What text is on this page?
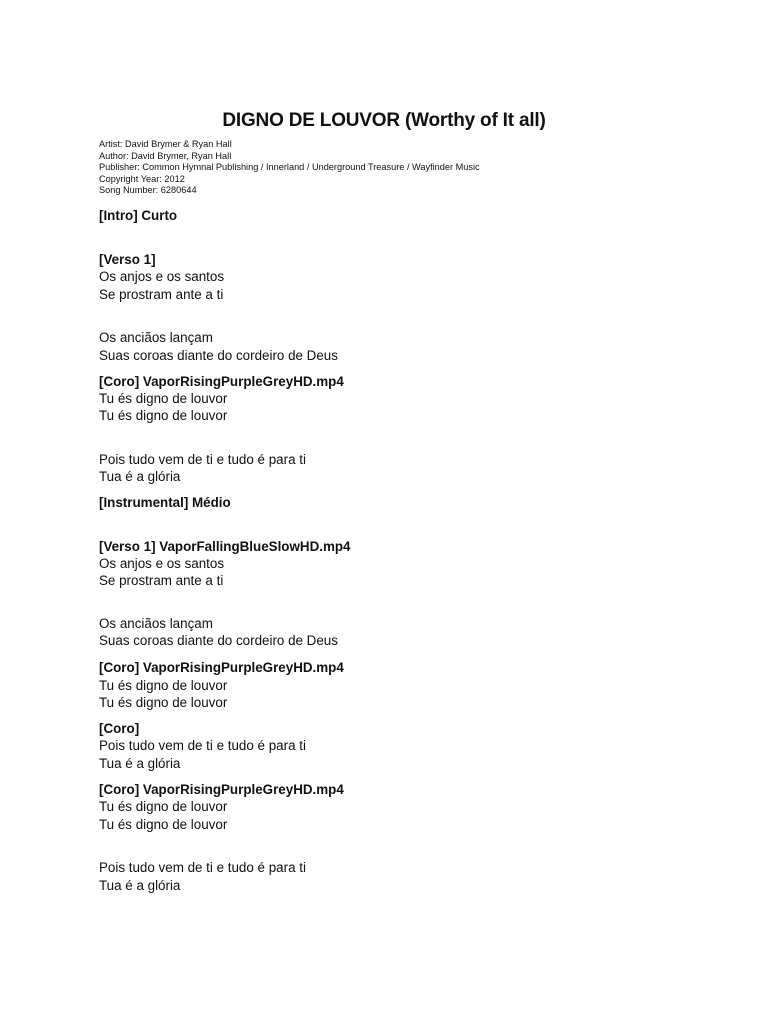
DIGNO DE LOUVOR (Worthy of It all)
Artist: David Brymer & Ryan Hall
Author: David Brymer, Ryan Hall
Publisher: Common Hymnal Publishing / Innerland / Underground Treasure / Wayfinder Music
Copyright Year: 2012
Song Number: 6280644
[Intro] Curto
[Verso 1]
Os anjos e os santos
Se prostram ante a ti
Os anciãos lançam
Suas coroas diante do cordeiro de Deus
[Coro] VaporRisingPurpleGreyHD.mp4
Tu és digno de louvor
Tu és digno de louvor
Pois tudo vem de ti e tudo é para ti
Tua é a glória
[Instrumental] Médio
[Verso 1] VaporFallingBlueSlowHD.mp4
Os anjos e os santos
Se prostram ante a ti
Os anciãos lançam
Suas coroas diante do cordeiro de Deus
[Coro] VaporRisingPurpleGreyHD.mp4
Tu és digno de louvor
Tu és digno de louvor
[Coro]
Pois tudo vem de ti e tudo é para ti
Tua é a glória
[Coro] VaporRisingPurpleGreyHD.mp4
Tu és digno de louvor
Tu és digno de louvor
Pois tudo vem de ti e tudo é para ti
Tua é a glória
